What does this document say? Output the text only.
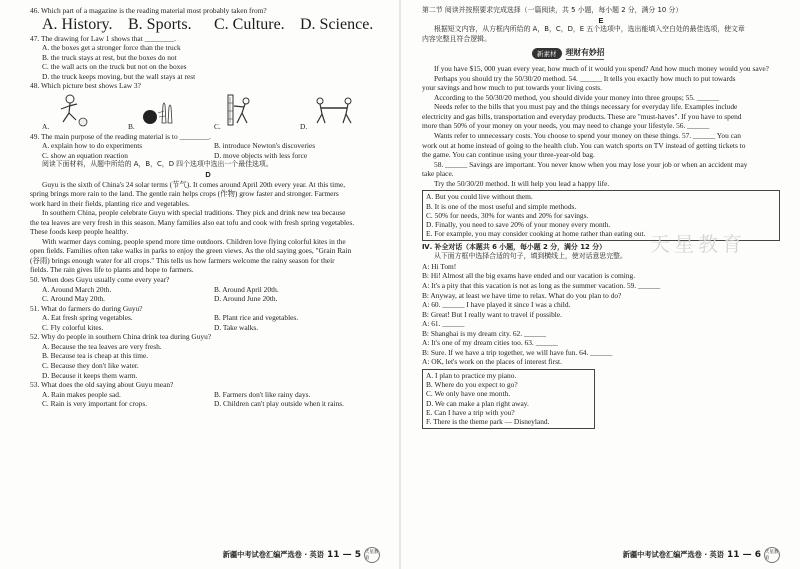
46. Which part of a magazine is the reading material most probably taken from?
A. History. B. Sports.	C. Culture. D. Science.
47. The drawing for Law 1 shows that ________.
A. the boxes get a stronger force than the truck
B. the truck stays at rest, but the boxes do not
C. the wall acts on the truck but not on the boxes
D. the truck keeps moving, but the wall stays at rest
48. Which picture best shows Law 3?
A.	B.	C.	D.
49. The main purpose of the reading material is to ________.
A. explain how to do experiments	B. introduce Newton's discoveries
C. show an equation reaction	D. move objects with less force
阅读下面材料，从题中所给的 A，B，C，D 四个选项中选出一个最佳选项。
D
Guyu is the sixth of China's 24 solar terms (节气). It comes around April 20th every year. At this time,
spring brings more rain to the land. The gentle rain helps crops (作物) grow faster and stronger. Farmers
work hard in their fields, planting rice and vegetables.
In southern China, people celebrate Guyu with special traditions. They pick and drink new tea because
the tea leaves are very fresh in this season. Many families also eat tofu and cook with fresh spring vegetables.
These foods keep people healthy.
With warmer days coming, people spend more time outdoors. Children love flying colorful kites in the
open fields. Families often take walks in parks to enjoy the green views. As the old saying goes, "Grain Rain
(谷雨) brings enough water for all crops." This tells us how farmers welcome the rainy season for their
fields. The rain gives life to plants and hope to farmers.
50. When does Guyu usually come every year?
A. Around March 20th.	B. Around April 20th.
C. Around May 20th.	D. Around June 20th.
51. What do farmers do during Guyu?
A. Eat fresh spring vegetables.	B. Plant rice and vegetables.
C. Fly colorful kites.	D. Take walks.
52. Why do people in southern China drink tea during Guyu?
A. Because the tea leaves are very fresh.
B. Because tea is cheap at this time.
C. Because they don't like water.
D. Because it keeps them warm.
53. What does the old saying about Guyu mean?
A. Rain makes people sad.	B. Farmers don't like rainy days.
C. Rain is very important for crops.	D. Children can't play outside when it rains.
新疆中考试卷汇编严选卷 · 英语 11 — 5 天星教育
第二节 阅读并按照要求完成选择（一篇阅读，共 5 小题，每小题 2 分，满分 10 分）
E
根据短文内容，从方框内所给的 A，B，C，D，E 五个选项中，选出能填入空白处的最佳选项，使文章
内容完整且符合逻辑。
新素材	理财有妙招
If you have $15, 000 yuan every year, how much of it would you spend? And how much money would you save?
Perhaps you should try the 50/30/20 method. 54. ______ It tells you exactly how much to put towards
your savings and how much to put towards your living costs.
According to the 50/30/20 method, you should divide your money into three groups; 55. ______
Needs refer to the bills that you must pay and the things necessary for everyday life. Examples include
electricity and gas bills, transportation and everyday products. These are "must-haves". If you have to spend
more than 50% of your money on your needs, you may need to change your lifestyle. 56. ______
Wants refer to unnecessary costs. You choose to spend your money on these things. 57. ______ You can
work out at home instead of going to the health club. You can watch sports on TV instead of getting tickets to
the game. You can continue using your three-year-old bag.
58. ______ Savings are important. You never know when you may lose your job or when an accident may
take place.
Try the 50/30/20 method. It will help you lead a happy life.
A. But you could live without them.
B. It is one of the most useful and simple methods.
C. 50% for needs, 30% for wants and 20% for savings.
D. Finally, you need to save 20% of your money every month.
E. For example, you may consider cooking at home rather than eating out.
Ⅳ. 补全对话（本题共 6 小题，每小题 2 分，满分 12 分）
从下面方框中选择合适的句子，填到横线上，使对话意思完整。
A: Hi Tom!
B: Hi! Almost all the big exams have ended and our vacation is coming.
A: It's a pity that this vacation is not as long as the summer vacation. 59. ______
B: Anyway, at least we have time to relax. What do you plan to do?
A: 60. ______ I have played it since I was a child.
B: Great! But I really want to travel if possible.
A: 61. ______
B: Shanghai is my dream city. 62. ______
A: It's one of my dream cities too. 63. ______
B: Sure. If we have a trip together, we will have fun. 64. ______
A: OK, let's work on the places of interest first.
A. I plan to practice my piano.
B. Where do you expect to go?
C. We only have one month.
D. We can make a plan right away.
E. Can I have a trip with you?
F. There is the theme park — Disneyland.
新疆中考试卷汇编严选卷 · 英语 11 — 6 天星教育
天星教育
